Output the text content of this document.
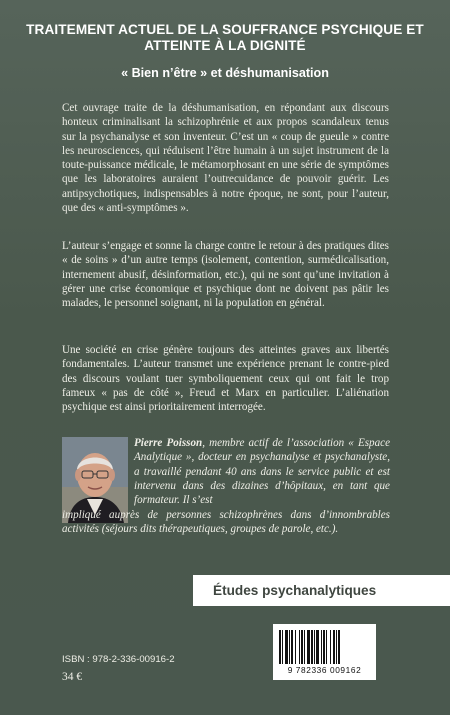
TRAITEMENT ACTUEL DE LA SOUFFRANCE PSYCHIQUE ET ATTEINTE À LA DIGNITÉ
« Bien n’être » et déshumanisation

Cet ouvrage traite de la déshumanisation, en répondant aux discours honteux criminalisant la schizophrénie et aux propos scandaleux tenus sur la psychanalyse et son inventeur. C’est un « coup de gueule » contre les neurosciences, qui réduisent l’être humain à un sujet instrument de la toute-puissance médicale, le métamorphosant en une série de symptômes que les laboratoires auraient l’outrecuidance de pouvoir guérir. Les antipsychotiques, indispensables à notre époque, ne sont, pour l’auteur, que des « anti-symptômes ».

L’auteur s’engage et sonne la charge contre le retour à des pratiques dites « de soins » d’un autre temps (isolement, contention, surmédicalisation, internement abusif, désinformation, etc.), qui ne sont qu’une invitation à gérer une crise économique et psychique dont ne doivent pas pâtir les malades, le personnel soignant, ni la population en général.

Une société en crise génère toujours des atteintes graves aux libertés fondamentales. L’auteur transmet une expérience prenant le contre-pied des discours voulant tuer symboliquement ceux qui ont fait le trop fameux « pas de côté », Freud et Marx en particulier. L’aliénation psychique est ainsi prioritairement interrogée.

Pierre Poisson, membre actif de l’association « Espace Analytique », docteur en psychanalyse et psychanalyste, a travaillé pendant 40 ans dans le service public et est intervenu dans des dizaines d’hôpitaux, en tant que formateur. Il s’est

impliqué auprès de personnes schizophrènes dans d’innombrables activités (séjours dits thérapeutiques, groupes de parole, etc.).

Études psychanalytiques
ISBN : 978-2-336-00916-2
34 €
9 782336 009162
